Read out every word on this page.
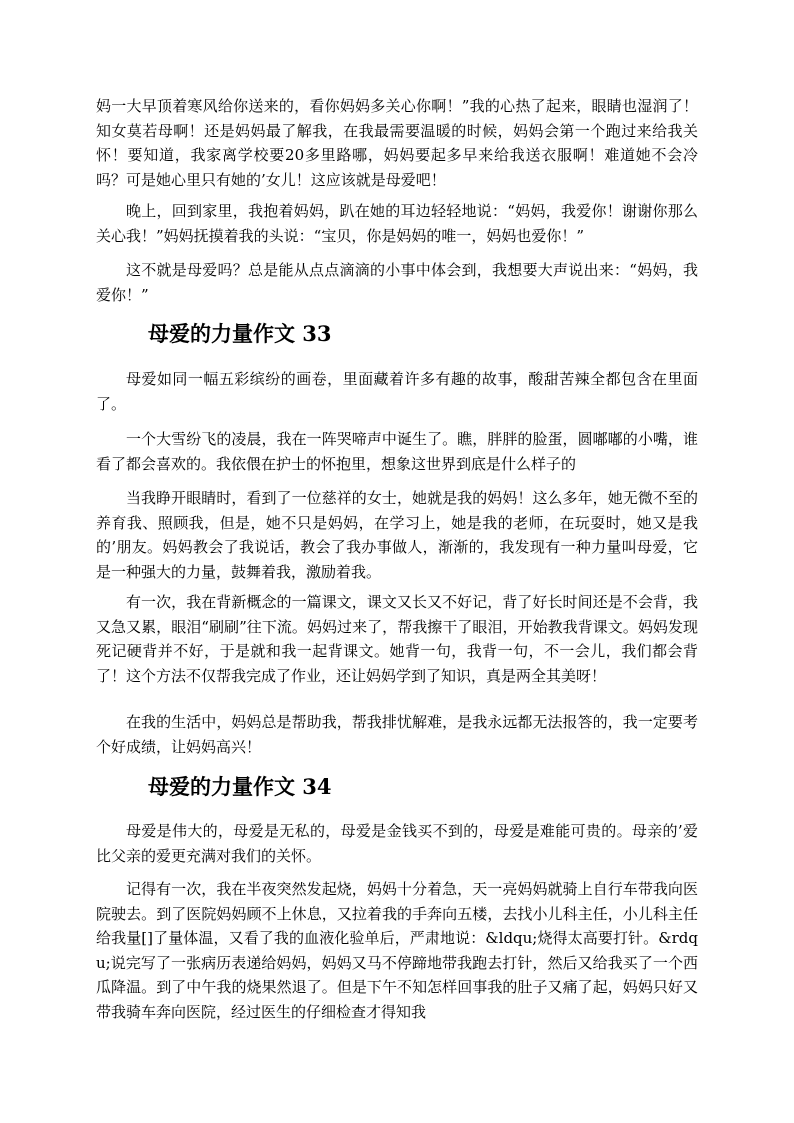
妈一大早顶着寒风给你送来的，看你妈妈多关心你啊！”我的心热了起来，眼睛也湿润了！知女莫若母啊！还是妈妈最了解我，在我最需要温暖的时候，妈妈会第一个跑过来给我关怀！要知道，我家离学校要20多里路哪，妈妈要起多早来给我送衣服啊！难道她不会冷吗？可是她心里只有她的’女儿！这应该就是母爱吧！

晚上，回到家里，我抱着妈妈，趴在她的耳边轻轻地说：“妈妈，我爱你！谢谢你那么关心我！”妈妈抚摸着我的头说：“宝贝，你是妈妈的唯一，妈妈也爱你！”

这不就是母爱吗？总是能从点点滴滴的小事中体会到，我想要大声说出来：“妈妈，我爱你！”

母爱的力量作文 33

母爱如同一幅五彩缤纷的画卷，里面藏着许多有趣的故事，酸甜苦辣全都包含在里面了。

一个大雪纷飞的凌晨，我在一阵哭啼声中诞生了。瞧，胖胖的脸蛋，圆嘟嘟的小嘴，谁看了都会喜欢的。我依偎在护士的怀抱里，想象这世界到底是什么样子的

当我睁开眼睛时，看到了一位慈祥的女士，她就是我的妈妈！这么多年，她无微不至的养育我、照顾我，但是，她不只是妈妈，在学习上，她是我的老师，在玩耍时，她又是我的’朋友。妈妈教会了我说话，教会了我办事做人，渐渐的，我发现有一种力量叫母爱，它是一种强大的力量，鼓舞着我，激励着我。

有一次，我在背新概念的一篇课文，课文又长又不好记，背了好长时间还是不会背，我又急又累，眼泪“刷刷”往下流。妈妈过来了，帮我擦干了眼泪，开始教我背课文。妈妈发现死记硬背并不好，于是就和我一起背课文。她背一句，我背一句，不一会儿，我们都会背了！这个方法不仅帮我完成了作业，还让妈妈学到了知识，真是两全其美呀！

在我的生活中，妈妈总是帮助我，帮我排忧解难，是我永远都无法报答的，我一定要考个好成绩，让妈妈高兴！

母爱的力量作文 34

母爱是伟大的，母爱是无私的，母爱是金钱买不到的，母爱是难能可贵的。母亲的’爱比父亲的爱更充满对我们的关怀。

记得有一次，我在半夜突然发起烧，妈妈十分着急，天一亮妈妈就骑上自行车带我向医院驶去。到了医院妈妈顾不上休息，又拉着我的手奔向五楼，去找小儿科主任，小儿科主任给我量[]了量体温，又看了我的血液化验单后，严肃地说：&ldqu;烧得太高要打针。&rdqu;说完写了一张病历表递给妈妈，妈妈又马不停蹄地带我跑去打针，然后又给我买了一个西瓜降温。到了中午我的烧果然退了。但是下午不知怎样回事我的肚子又痛了起，妈妈只好又带我骑车奔向医院，经过医生的仔细检查才得知我
